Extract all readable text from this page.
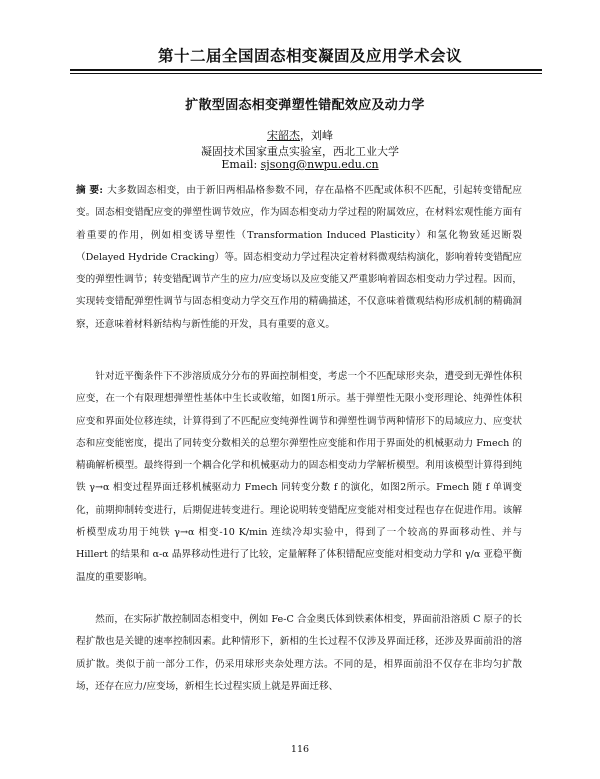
第十二届全国固态相变凝固及应用学术会议
扩散型固态相变弹塑性错配效应及动力学
宋韶杰，刘峰
凝固技术国家重点实验室，西北工业大学
Email: sjsong@nwpu.edu.cn

摘 要: 大多数固态相变，由于新旧两相晶格参数不同，存在晶格不匹配或体积不匹配，引起转变错配应变。固态相变错配应变的弹塑性调节效应，作为固态相变动力学过程的附属效应，在材料宏观性能方面有着重要的作用，例如相变诱导塑性（Transformation Induced Plasticity）和氢化物致延迟断裂（Delayed Hydride Cracking）等。固态相变动力学过程决定着材料微观结构演化，影响着转变错配应变的弹塑性调节；转变错配调节产生的应力/应变场以及应变能又严重影响着固态相变动力学过程。因而，实现转变错配弹塑性调节与固态相变动力学交互作用的精确描述，不仅意味着微观结构形成机制的精确洞察，还意味着材料新结构与新性能的开发，具有重要的意义。

针对近平衡条件下不涉溶质成分分布的界面控制相变，考虑一个不匹配球形夹杂，遭受到无弹性体积应变，在一个有限理想弹塑性基体中生长或收缩，如图1所示。基于弹塑性无限小变形理论、纯弹性体积应变和界面处位移连续，计算得到了不匹配应变纯弹性调节和弹塑性调节两种情形下的局域应力、应变状态和应变能密度，提出了同转变分数相关的总塑尔弹塑性应变能和作用于界面处的机械驱动力 Fmech 的精确解析模型。最终得到一个耦合化学和机械驱动力的固态相变动力学解析模型。利用该模型计算得到纯铁 γ→α 相变过程界面迁移机械驱动力 Fmech 同转变分数 f 的演化，如图2所示。Fmech 随 f 单调变化，前期抑制转变进行，后期促进转变进行。理论说明转变错配应变能对相变过程也存在促进作用。该解析模型成功用于纯铁 γ→α 相变-10 K/min 连续冷却实验中，得到了一个较高的界面移动性、并与 Hillert 的结果和 α-α 晶界移动性进行了比较，定量解释了体积错配应变能对相变动力学和 γ/α 亚稳平衡温度的重要影响。

然而，在实际扩散控制固态相变中，例如 Fe-C 合金奥氏体到铁素体相变，界面前沿溶质 C 原子的长程扩散也是关键的速率控制因素。此种情形下，新相的生长过程不仅涉及界面迁移，还涉及界面前沿的溶质扩散。类似于前一部分工作，仍采用球形夹杂处理方法。不同的是，相界面前沿不仅存在非均匀扩散场，还存在应力/应变场，新相生长过程实质上就是界面迁移、

116
